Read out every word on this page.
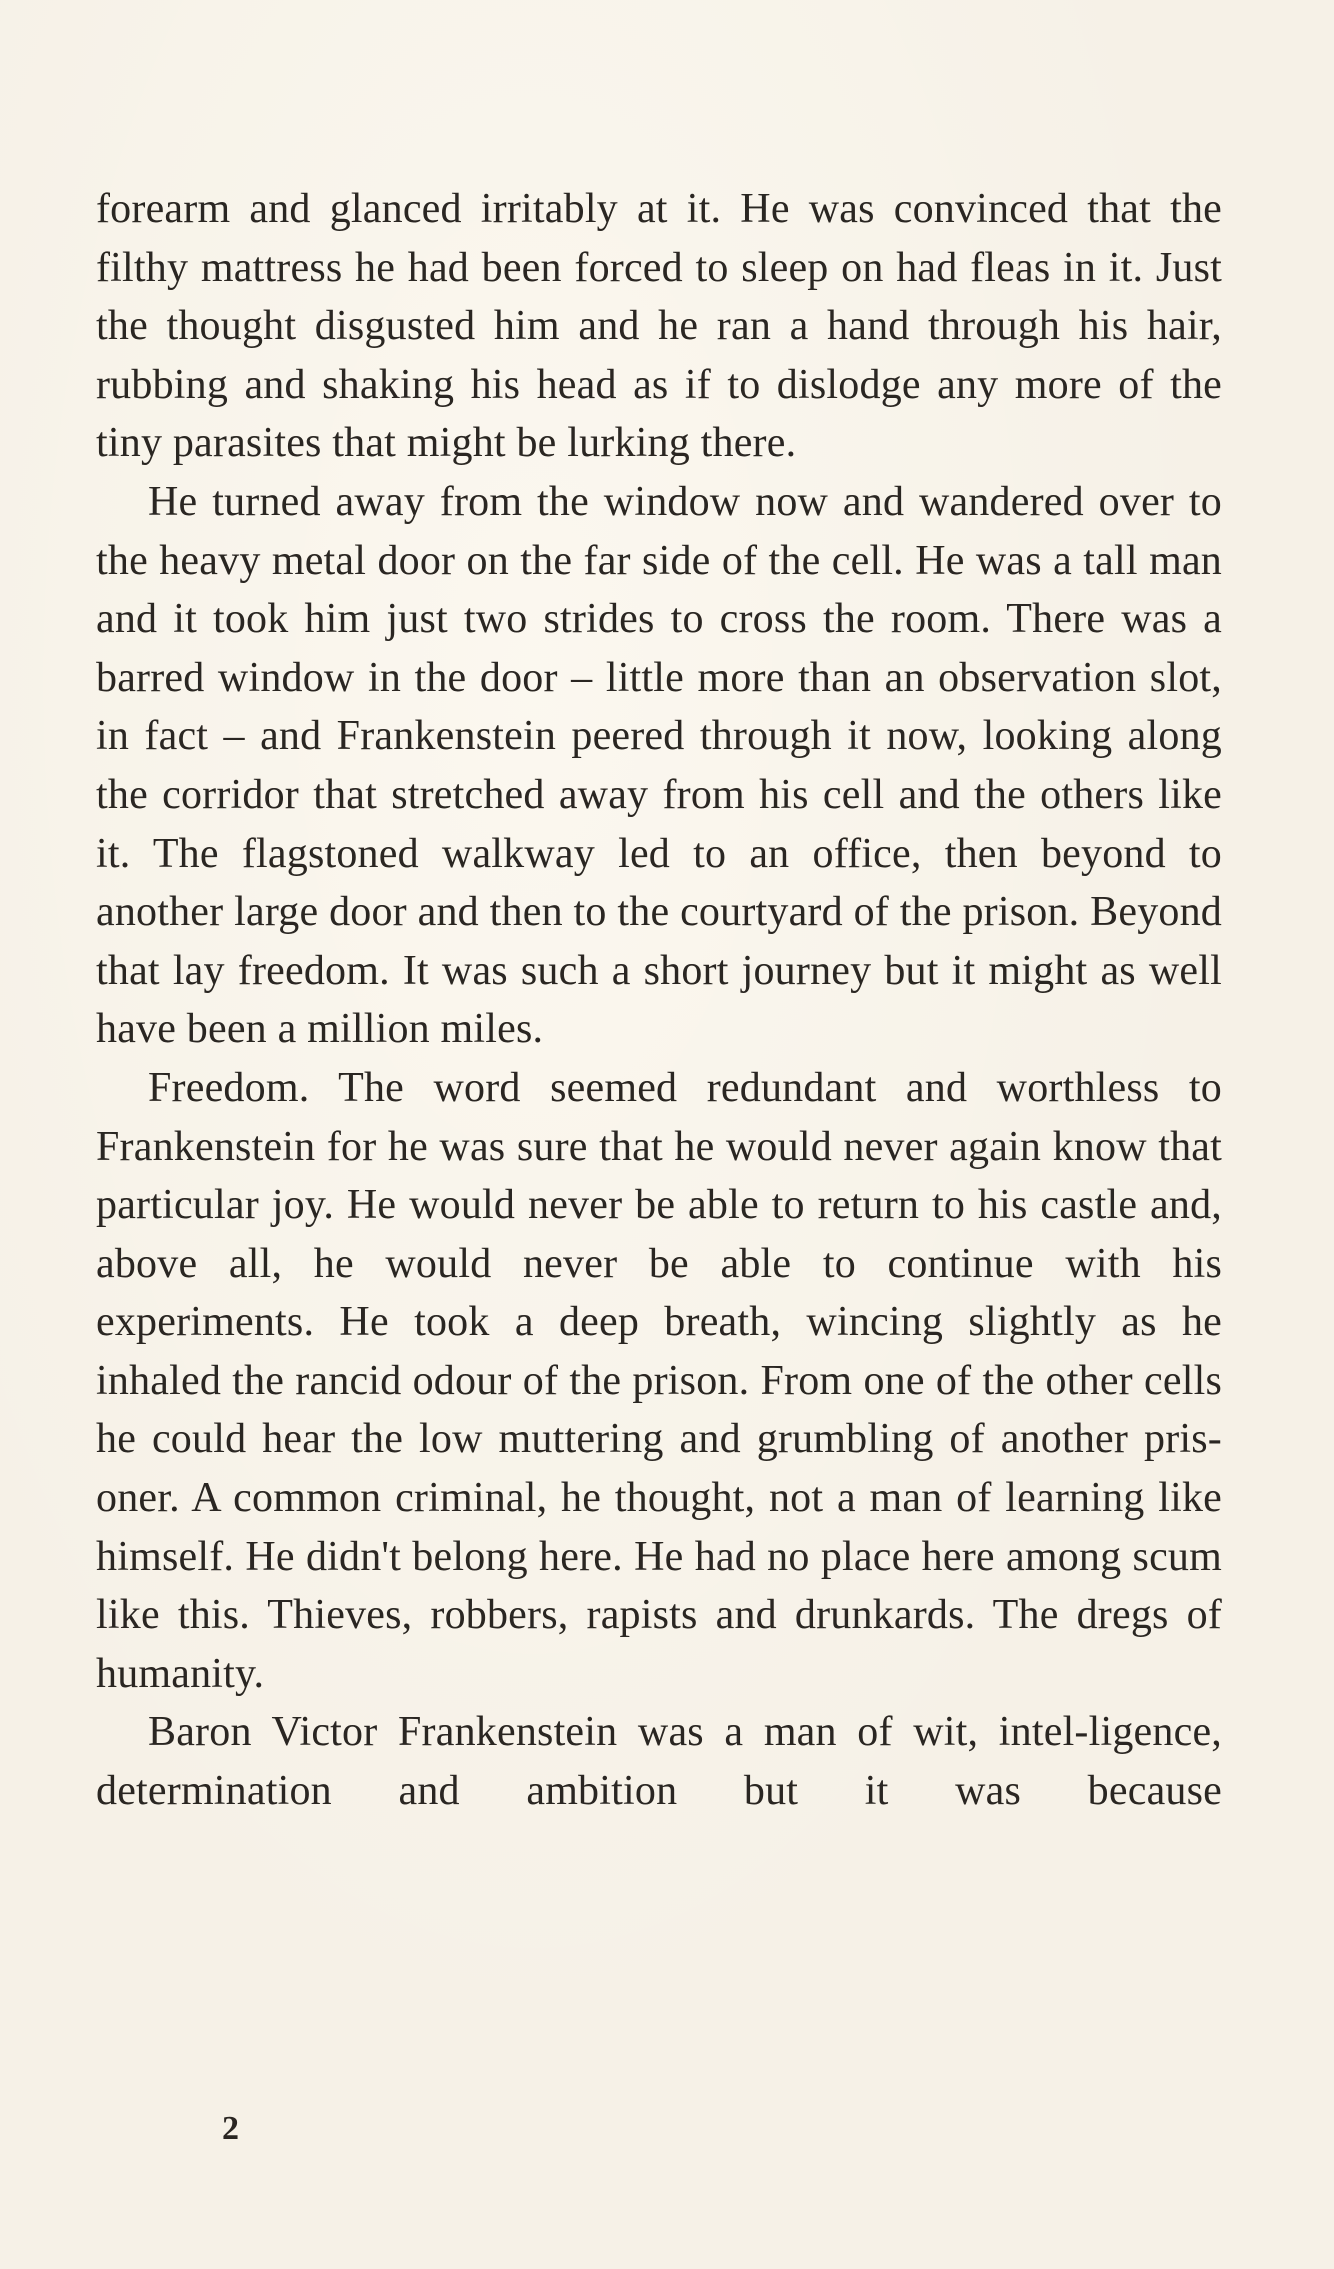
forearm and glanced irritably at it. He was convinced that the filthy mattress he had been forced to sleep on had fleas in it. Just the thought disgusted him and he ran a hand through his hair, rubbing and shaking his head as if to dislodge any more of the tiny parasites that might be lurking there.

He turned away from the window now and wandered over to the heavy metal door on the far side of the cell. He was a tall man and it took him just two strides to cross the room. There was a barred window in the door – little more than an observation slot, in fact – and Frankenstein peered through it now, looking along the corridor that stretched away from his cell and the others like it. The flagstoned walkway led to an office, then beyond to another large door and then to the courtyard of the prison. Beyond that lay freedom. It was such a short journey but it might as well have been a million miles.

Freedom. The word seemed redundant and worthless to Frankenstein for he was sure that he would never again know that particular joy. He would never be able to return to his castle and, above all, he would never be able to continue with his experiments. He took a deep breath, wincing slightly as he inhaled the rancid odour of the prison. From one of the other cells he could hear the low muttering and grumbling of another pris-oner. A common criminal, he thought, not a man of learning like himself. He didn't belong here. He had no place here among scum like this. Thieves, robbers, rapists and drunkards. The dregs of humanity.

Baron Victor Frankenstein was a man of wit, intel-ligence, determination and ambition but it was because

2
